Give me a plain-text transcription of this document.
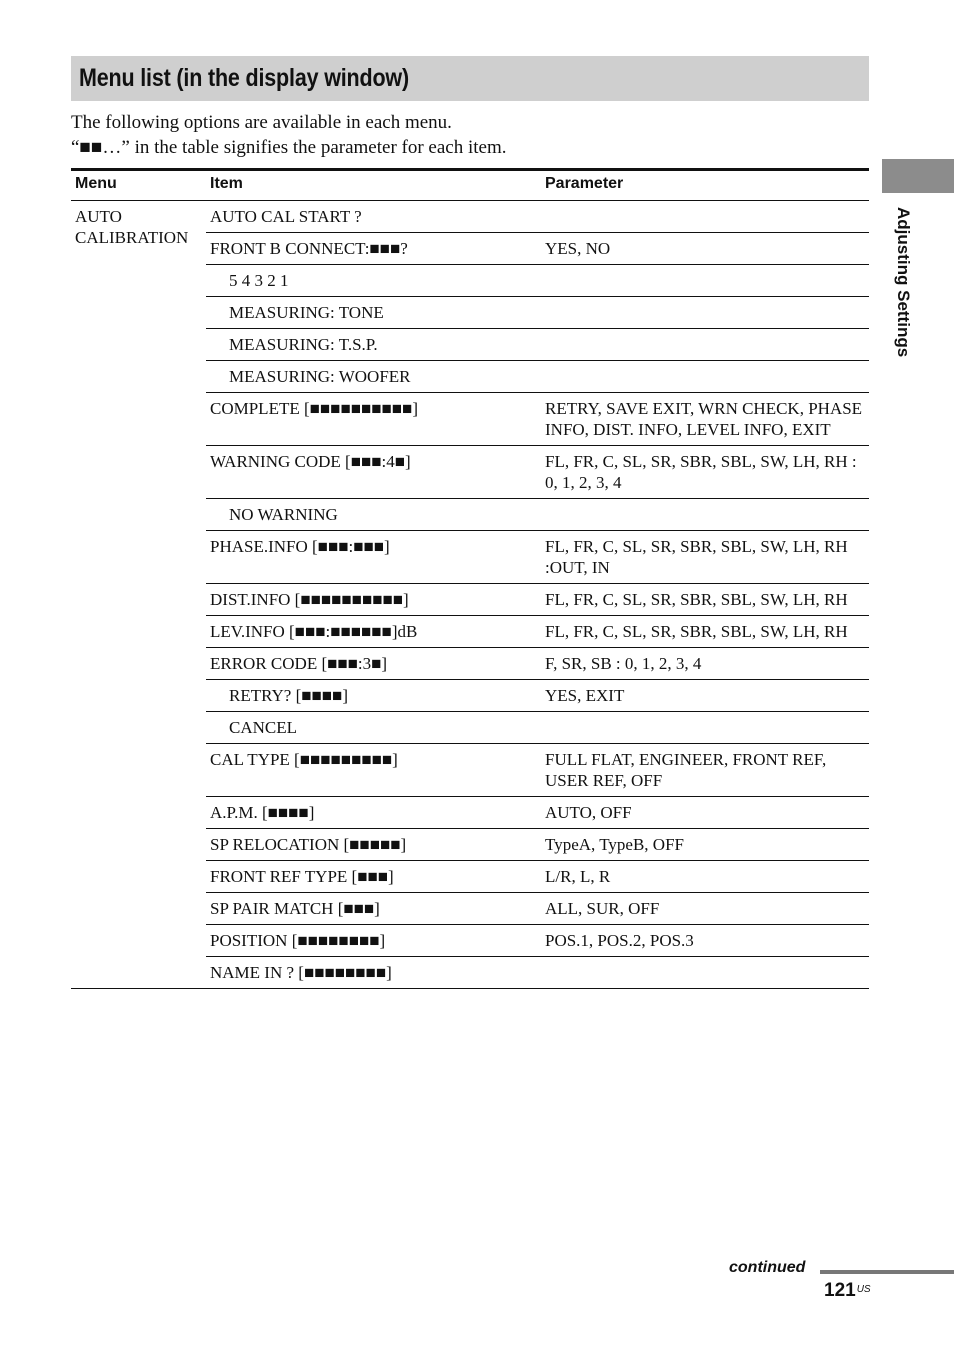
Menu list (in the display window)

The following options are available in each menu.

“■■…” in the table signifies the parameter for each item.

Menu	Item	Parameter
AUTO
CALIBRATION	AUTO CAL START ?	
	FRONT B CONNECT:■■■?	YES, NO
	5 4 3 2 1	
	MEASURING: TONE	
	MEASURING: T.S.P.	
	MEASURING: WOOFER	
	COMPLETE [■■■■■■■■■■]	RETRY, SAVE EXIT, WRN CHECK, PHASE INFO, DIST. INFO, LEVEL INFO, EXIT
	WARNING CODE [■■■:4■]	FL, FR, C, SL, SR, SBR, SBL, SW, LH, RH : 0, 1, 2, 3, 4
	NO WARNING	
	PHASE.INFO [■■■:■■■]	FL, FR, C, SL, SR, SBR, SBL, SW, LH, RH :OUT, IN
	DIST.INFO [■■■■■■■■■■]	FL, FR, C, SL, SR, SBR, SBL, SW, LH, RH
	LEV.INFO [■■■:■■■■■■]dB	FL, FR, C, SL, SR, SBR, SBL, SW, LH, RH
	ERROR CODE [■■■:3■]	F, SR, SB : 0, 1, 2, 3, 4
	RETRY? [■■■■]	YES, EXIT
	CANCEL	
	CAL TYPE [■■■■■■■■■]	FULL FLAT, ENGINEER, FRONT REF, USER REF, OFF
	A.P.M. [■■■■]	AUTO, OFF
	SP RELOCATION [■■■■■]	TypeA, TypeB, OFF
	FRONT REF TYPE [■■■]	L/R, L, R
	SP PAIR MATCH [■■■]	ALL, SUR, OFF
	POSITION [■■■■■■■■]	POS.1, POS.2, POS.3
	NAME IN ? [■■■■■■■■]	
Adjusting Settings
continued
$121^{US}$
